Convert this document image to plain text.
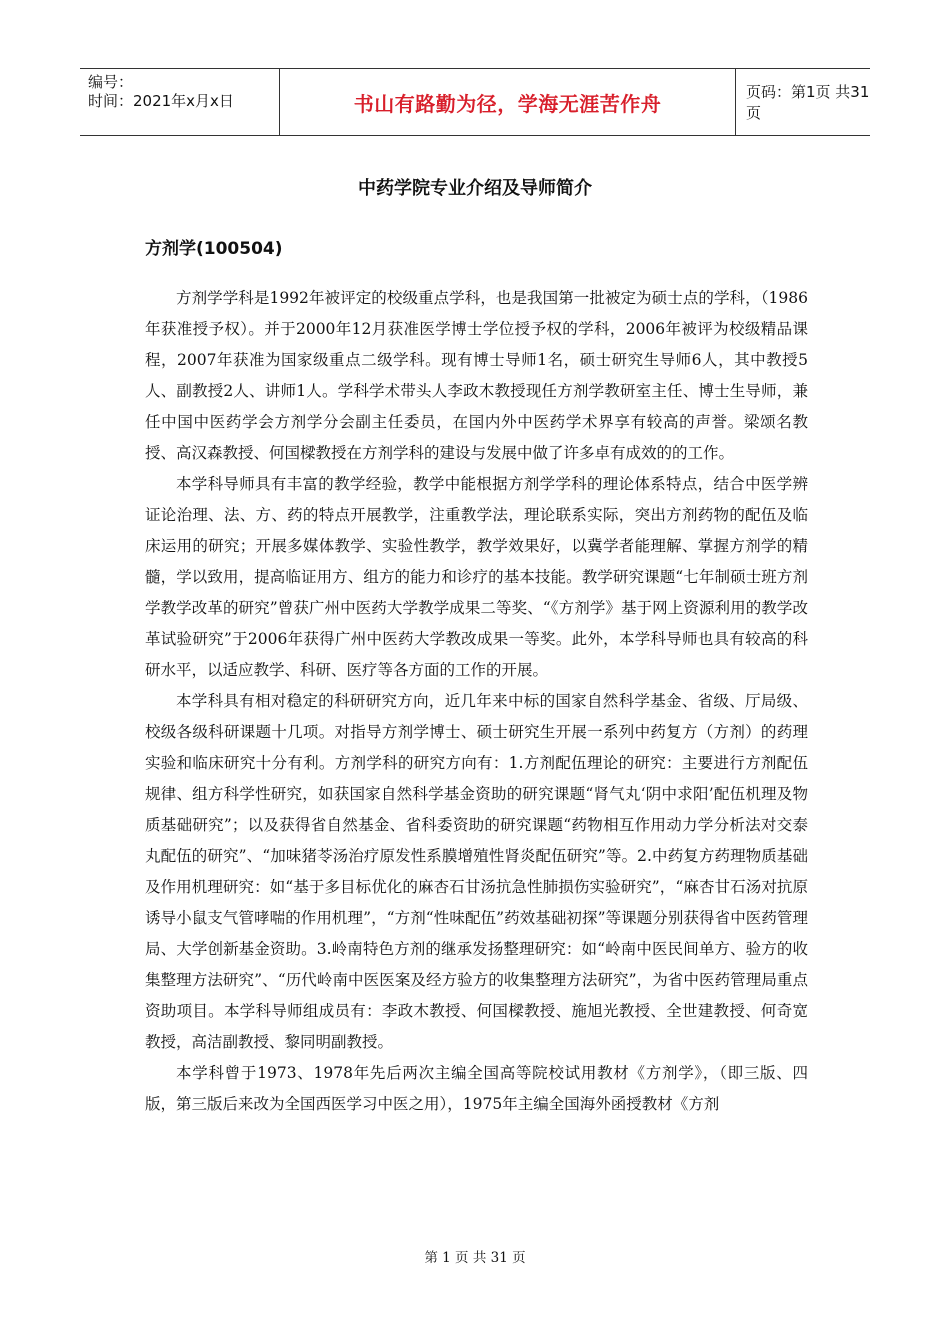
编号：
时间：2021年x月x日	书山有路勤为径，学海无涯苦作舟	页码：第1页 共31页
中药学院专业介绍及导师简介
方剂学(100504)

方剂学学科是1992年被评定的校级重点学科，也是我国第一批被定为硕士点的学科，（1986年获准授予权）。并于2000年12月获准医学博士学位授予权的学科，2006年被评为校级精品课程，2007年获准为国家级重点二级学科。现有博士导师1名，硕士研究生导师6人，其中教授5人、副教授2人、讲师1人。学科学术带头人李政木教授现任方剂学教研室主任、博士生导师，兼任中国中医药学会方剂学分会副主任委员，在国内外中医药学术界享有较高的声誉。梁颂名教授、高汉森教授、何国樑教授在方剂学科的建设与发展中做了许多卓有成效的的工作。

本学科导师具有丰富的教学经验，教学中能根据方剂学学科的理论体系特点，结合中医学辨证论治理、法、方、药的特点开展教学，注重教学法，理论联系实际，突出方剂药物的配伍及临床运用的研究；开展多媒体教学、实验性教学，教学效果好，以冀学者能理解、掌握方剂学的精髓，学以致用，提高临证用方、组方的能力和诊疗的基本技能。教学研究课题“七年制硕士班方剂学教学改革的研究”曾获广州中医药大学教学成果二等奖、“《方剂学》基于网上资源利用的教学改革试验研究”于2006年获得广州中医药大学教改成果一等奖。此外，本学科导师也具有较高的科研水平，以适应教学、科研、医疗等各方面的工作的开展。

本学科具有相对稳定的科研研究方向，近几年来中标的国家自然科学基金、省级、厅局级、校级各级科研课题十几项。对指导方剂学博士、硕士研究生开展一系列中药复方（方剂）的药理实验和临床研究十分有利。方剂学科的研究方向有：1.方剂配伍理论的研究：主要进行方剂配伍规律、组方科学性研究，如获国家自然科学基金资助的研究课题“肾气丸‘阴中求阳’配伍机理及物质基础研究”；以及获得省自然基金、省科委资助的研究课题“药物相互作用动力学分析法对交泰丸配伍的研究”、“加味猪苓汤治疗原发性系膜增殖性肾炎配伍研究”等。2.中药复方药理物质基础及作用机理研究：如“基于多目标优化的麻杏石甘汤抗急性肺损伤实验研究”，“麻杏甘石汤对抗原诱导小鼠支气管哮喘的作用机理”，“方剂“性味配伍”药效基础初探”等课题分别获得省中医药管理局、大学创新基金资助。3.岭南特色方剂的继承发扬整理研究：如“岭南中医民间单方、验方的收集整理方法研究”、“历代岭南中医医案及经方验方的收集整理方法研究”，为省中医药管理局重点资助项目。本学科导师组成员有：李政木教授、何国樑教授、施旭光教授、全世建教授、何奇宽教授，高洁副教授、黎同明副教授。

本学科曾于1973、1978年先后两次主编全国高等院校试用教材《方剂学》，（即三版、四版，第三版后来改为全国西医学习中医之用），1975年主编全国海外函授教材《方剂

第 1 页 共 31 页
